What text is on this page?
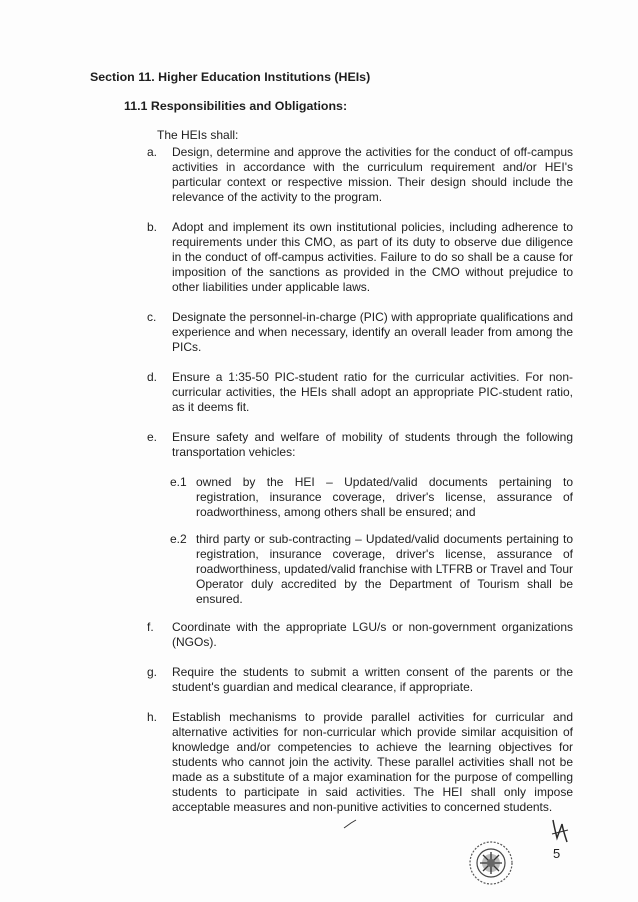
Section 11. Higher Education Institutions (HEIs)
11.1 Responsibilities and Obligations:

The HEIs shall:

a.	Design, determine and approve the activities for the conduct of off-campus activities in accordance with the curriculum requirement and/or HEI's particular context or respective mission. Their design should include the relevance of the activity to the program.
b.	Adopt and implement its own institutional policies, including adherence to requirements under this CMO, as part of its duty to observe due diligence in the conduct of off-campus activities. Failure to do so shall be a cause for imposition of the sanctions as provided in the CMO without prejudice to other liabilities under applicable laws.
c.	Designate the personnel-in-charge (PIC) with appropriate qualifications and experience and when necessary, identify an overall leader from among the PICs.
d.	Ensure a 1:35-50 PIC-student ratio for the curricular activities. For non-curricular activities, the HEIs shall adopt an appropriate PIC-student ratio, as it deems fit.
e.	Ensure safety and welfare of mobility of students through the following transportation vehicles:
e.1 owned by the HEI – Updated/valid documents pertaining to registration, insurance coverage, driver's license, assurance of roadworthiness, among others shall be ensured; and
e.2 third party or sub-contracting – Updated/valid documents pertaining to registration, insurance coverage, driver's license, assurance of roadworthiness, updated/valid franchise with LTFRB or Travel and Tour Operator duly accredited by the Department of Tourism shall be ensured.
f.	Coordinate with the appropriate LGU/s or non-government organizations (NGOs).
g.	Require the students to submit a written consent of the parents or the student's guardian and medical clearance, if appropriate.
h.	Establish mechanisms to provide parallel activities for curricular and alternative activities for non-curricular which provide similar acquisition of knowledge and/or competencies to achieve the learning objectives for students who cannot join the activity. These parallel activities shall not be made as a substitute of a major examination for the purpose of compelling students to participate in said activities. The HEI shall only impose acceptable measures and non-punitive activities to concerned students.
5
